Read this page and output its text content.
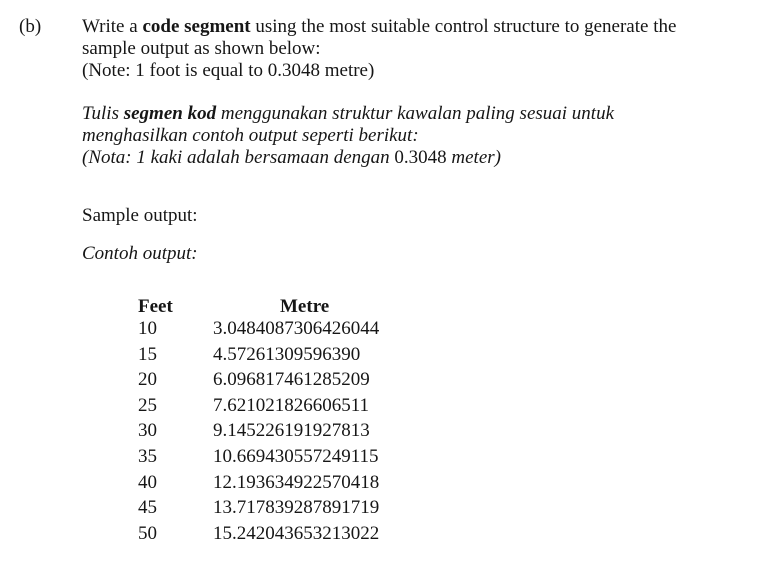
(b) Write a code segment using the most suitable control structure to generate the
sample output as shown below:
(Note: 1 foot is equal to 0.3048 metre)
Tulis segmen kod menggunakan struktur kawalan paling sesuai untuk
menghasilkan contoh output seperti berikut:
(Nota: 1 kaki adalah bersamaan dengan 0.3048 meter)
Sample output:
Contoh output:
Feet	Metre
10	3.0484087306426044
15	4.57261309596390
20	6.096817461285209
25	7.621021826606511
30	9.145226191927813
35	10.669430557249115
40	12.193634922570418
45	13.717839287891719
50	15.242043653213022
